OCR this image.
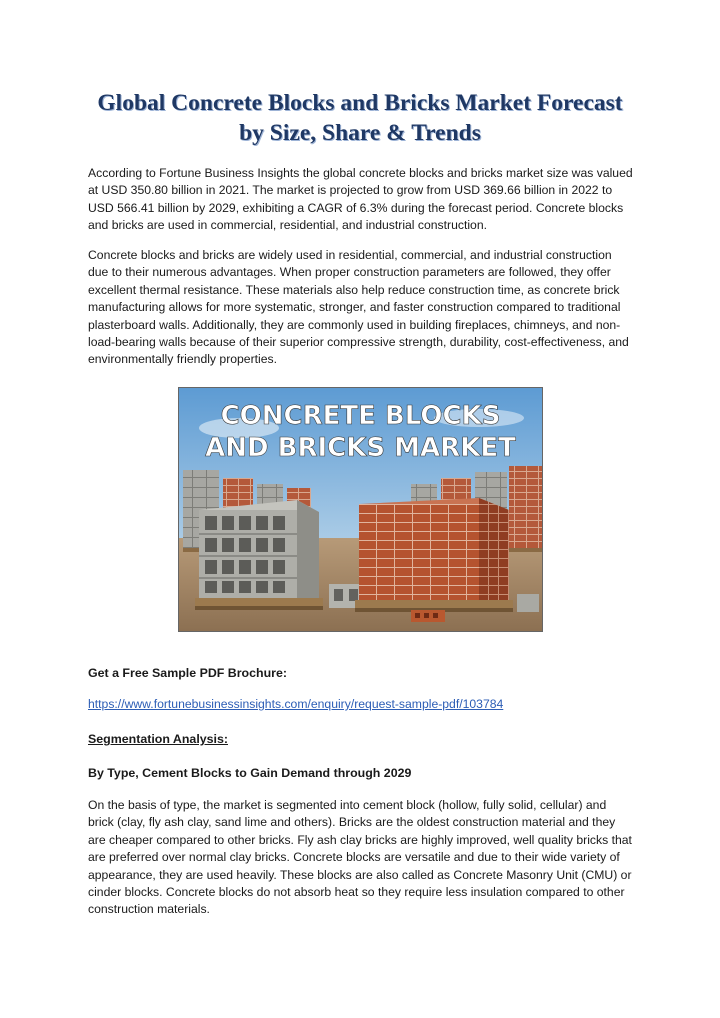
Global Concrete Blocks and Bricks Market Forecast
by Size, Share & Trends
According to Fortune Business Insights the global concrete blocks and bricks market size was valued
at USD 350.80 billion in 2021. The market is projected to grow from USD 369.66 billion in 2022 to
USD 566.41 billion by 2029, exhibiting a CAGR of 6.3% during the forecast period. Concrete blocks
and bricks are used in commercial, residential, and industrial construction.
Concrete blocks and bricks are widely used in residential, commercial, and industrial construction
due to their numerous advantages. When proper construction parameters are followed, they offer
excellent thermal resistance. These materials also help reduce construction time, as concrete brick
manufacturing allows for more systematic, stronger, and faster construction compared to traditional
plasterboard walls. Additionally, they are commonly used in building fireplaces, chimneys, and non-
load-bearing walls because of their superior compressive strength, durability, cost-effectiveness, and
environmentally friendly properties.
CONCRETE BLOCKS
AND BRICKS MARKET
Get a Free Sample PDF Brochure:
https://www.fortunebusinessinsights.com/enquiry/request-sample-pdf/103784
Segmentation Analysis:
By Type, Cement Blocks to Gain Demand through 2029
On the basis of type, the market is segmented into cement block (hollow, fully solid, cellular) and
brick (clay, fly ash clay, sand lime and others). Bricks are the oldest construction material and they
are cheaper compared to other bricks. Fly ash clay bricks are highly improved, well quality bricks that
are preferred over normal clay bricks. Concrete blocks are versatile and due to their wide variety of
appearance, they are used heavily. These blocks are also called as Concrete Masonry Unit (CMU) or
cinder blocks. Concrete blocks do not absorb heat so they require less insulation compared to other
construction materials.
